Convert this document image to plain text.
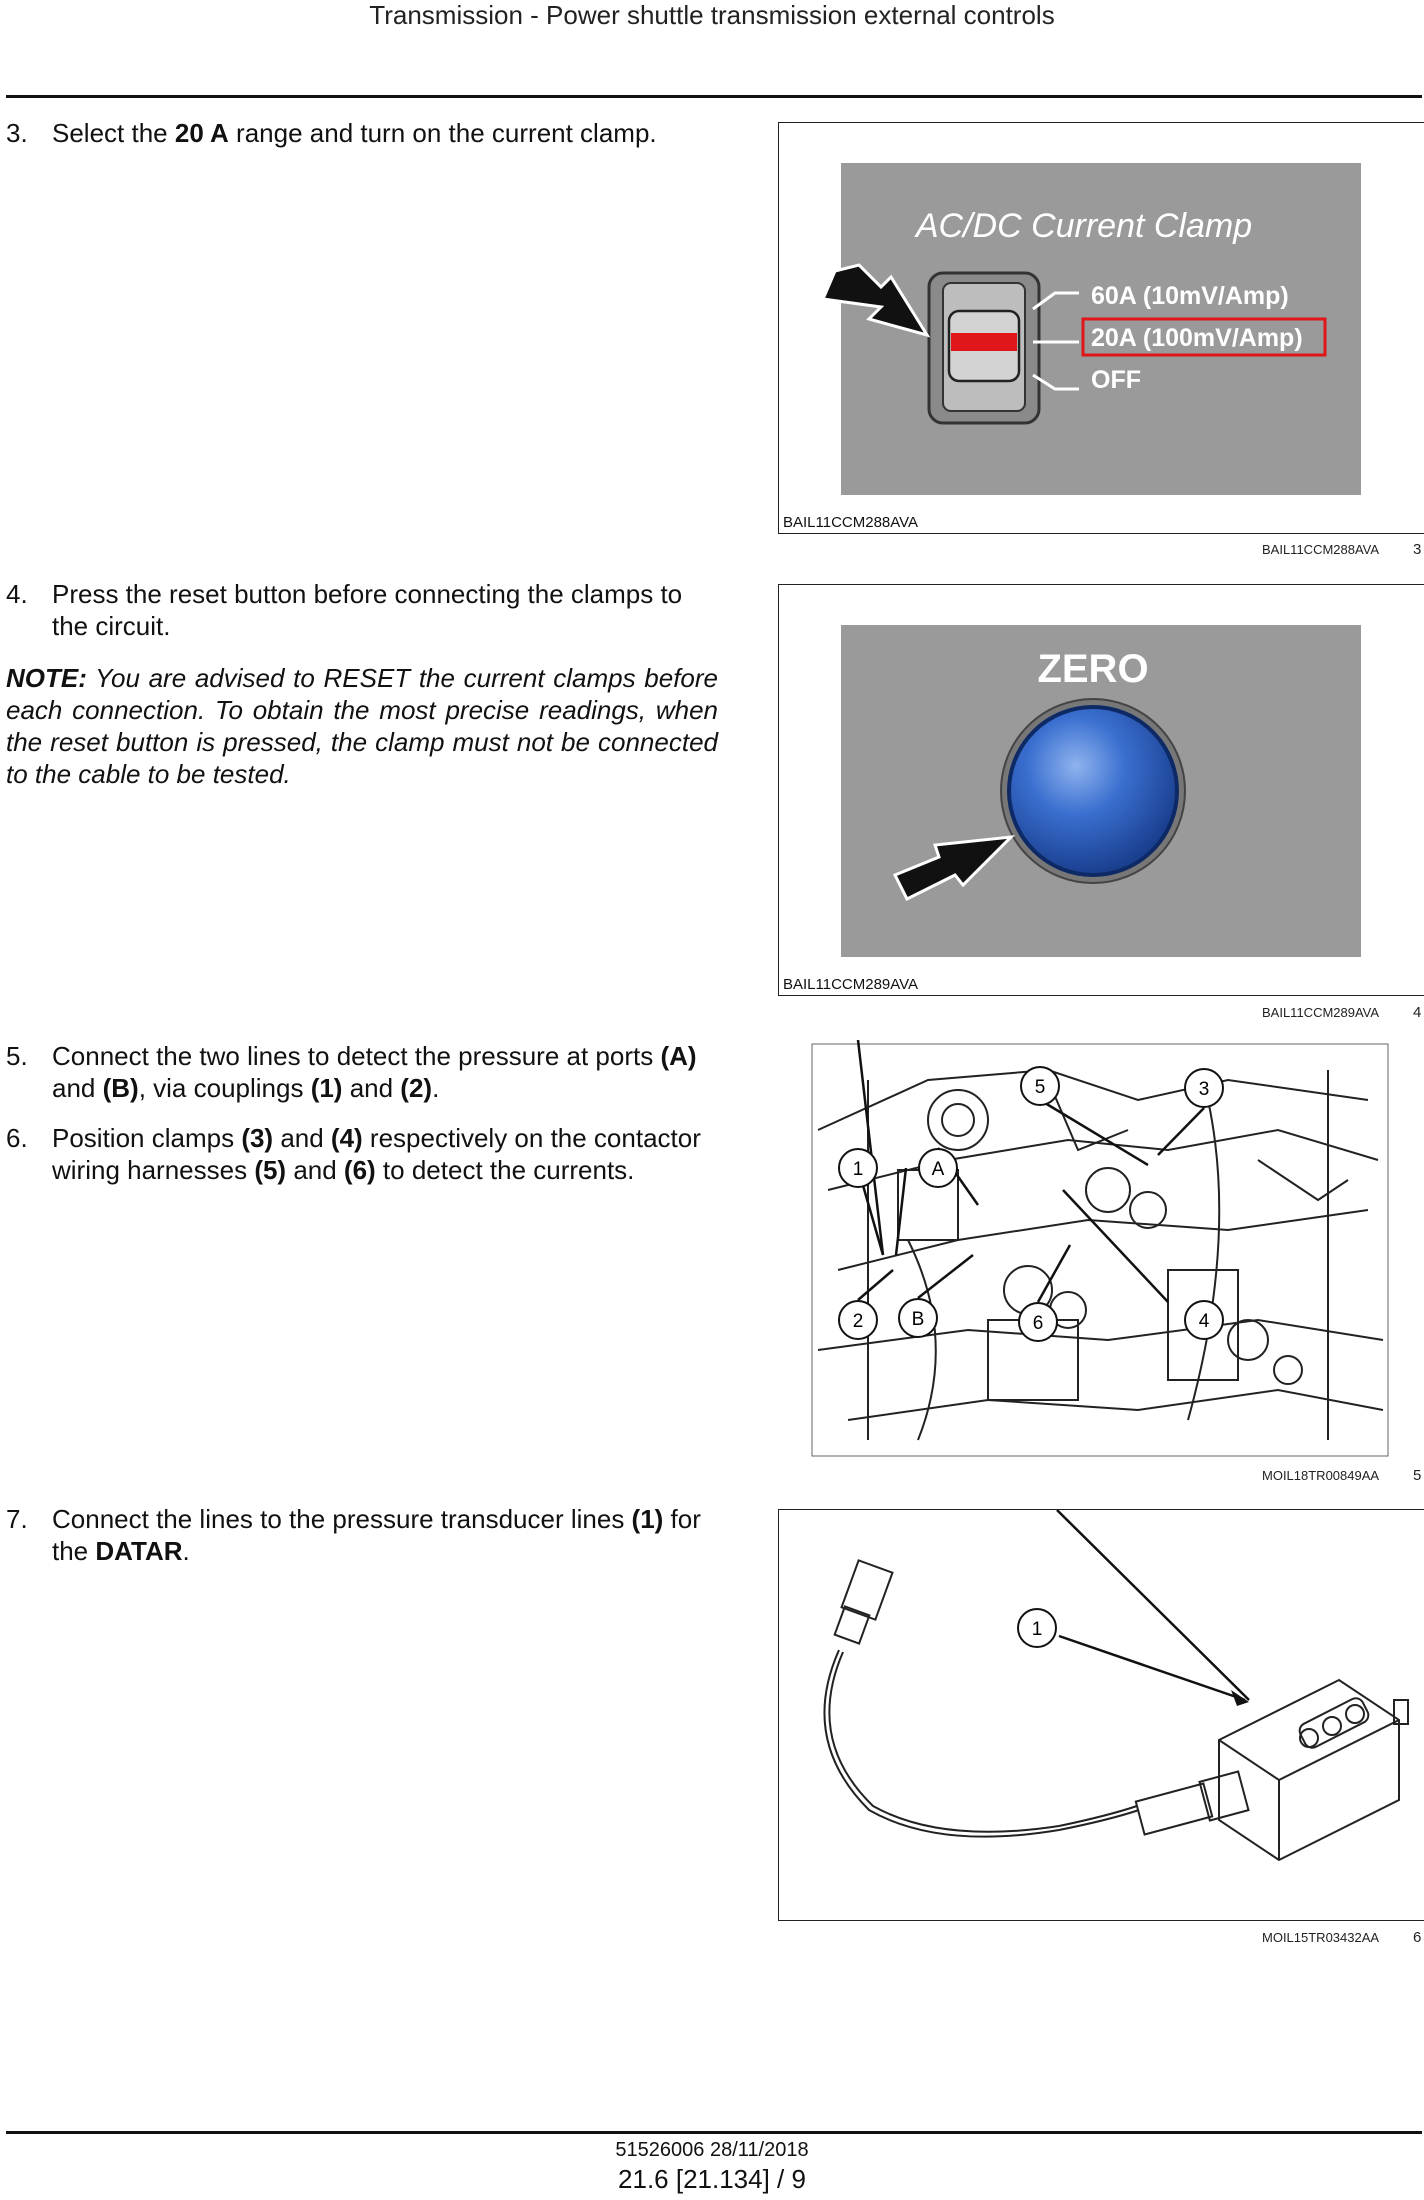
Transmission - Power shuttle transmission external controls
3. Select the 20 A range and turn on the current clamp.
AC/DC Current Clamp
60A (10mV/Amp)
20A (100mV/Amp)
OFF
BAIL11CCM288AVA
BAIL11CCM288AVA 3
4. Press the reset button before connecting the clamps to the circuit.
NOTE: You are advised to RESET the current clamps before each connection. To obtain the most precise readings, when the reset button is pressed, the clamp must not be connected to the cable to be tested.
ZERO
BAIL11CCM289AVA
BAIL11CCM289AVA 4
5. Connect the two lines to detect the pressure at ports (A) and (B), via couplings (1) and (2).
6. Position clamps (3) and (4) respectively on the contactor wiring harnesses (5) and (6) to detect the currents.
5	3
1	A
2	B	6	4
MOIL18TR00849AA 5
7. Connect the lines to the pressure transducer lines (1) for the DATAR.
1
MOIL15TR03432AA 6
51526006 28/11/2018
21.6 [21.134] / 9
